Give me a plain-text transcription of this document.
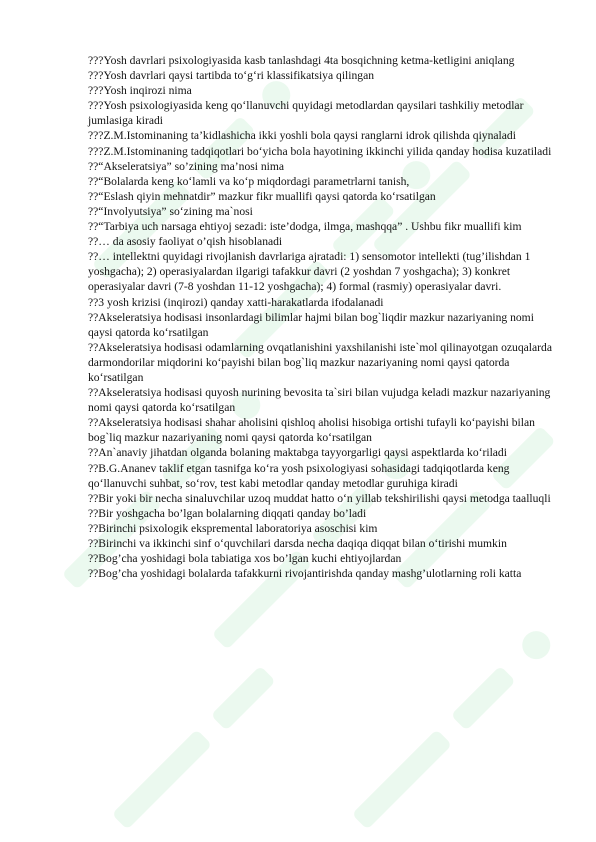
???Yosh davrlari psixologiyasida kasb tanlashdagi 4ta bosqichning ketma-ketligini aniqlang

???Yosh davrlari qaysi tartibda to‘g‘ri klassifikatsiya qilingan

???Yosh inqirozi nima

???Yosh psixologiyasida keng qo‘llanuvchi quyidagi metodlardan qaysilari tashkiliy metodlar jumlasiga kiradi

???Z.M.Istominaning ta’kidlashicha ikki yoshli bola qaysi ranglarni idrok qilishda qiynaladi

???Z.M.Istominaning tadqiqotlari bo‘yicha bola hayotining ikkinchi yilida qanday hodisa kuzatiladi

??“Akseleratsiya” so’zining ma’nosi nima

??“Bolalarda keng ko‘lamli va ko‘p miqdordagi parametrlarni tanish,

??“Eslash qiyin mehnatdir” mazkur fikr muallifi qaysi qatorda ko‘rsatilgan

??“Involyutsiya” so‘zining ma`nosi

??“Tarbiya uch narsaga ehtiyoj sezadi: iste’dodga, ilmga, mashqqa” . Ushbu fikr muallifi kim

??… da asosiy faoliyat o’qish hisoblanadi

??… intellektni quyidagi rivojlanish davrlariga ajratadi: 1) sensomotor intellekti (tug’ilishdan 1 yoshgacha); 2) operasiyalardan ilgarigi tafakkur davri (2 yoshdan 7 yoshgacha); 3) konkret operasiyalar davri (7-8 yoshdan 11-12 yoshgacha); 4) formal (rasmiy) operasiyalar davri.

??3 yosh krizisi (inqirozi) qanday xatti-harakatlarda ifodalanadi

??Akseleratsiya hodisasi insonlardagi bilimlar hajmi bilan bog`liqdir mazkur nazariyaning nomi qaysi qatorda ko‘rsatilgan

??Akseleratsiya hodisasi odamlarning ovqatlanishini yaxshilanishi iste`mol qilinayotgan ozuqalarda darmondorilar miqdorini ko‘payishi bilan bog`liq mazkur nazariyaning nomi qaysi qatorda ko‘rsatilgan

??Akseleratsiya hodisasi quyosh nurining bevosita ta`siri bilan vujudga keladi mazkur nazariyaning nomi qaysi qatorda ko‘rsatilgan

??Akseleratsiya hodisasi shahar aholisini qishloq aholisi hisobiga ortishi tufayli ko‘payishi bilan bog`liq mazkur nazariyaning nomi qaysi qatorda ko‘rsatilgan

??An`anaviy jihatdan olganda bolaning maktabga tayyorgarligi qaysi aspektlarda ko‘riladi

??B.G.Ananev taklif etgan tasnifga ko‘ra yosh psixologiyasi sohasidagi tadqiqotlarda keng qo‘llanuvchi suhbat, so‘rov, test kabi metodlar qanday metodlar guruhiga kiradi

??Bir yoki bir necha sinaluvchilar uzoq muddat hatto o‘n yillab tekshirilishi qaysi metodga taalluqli

??Bir yoshgacha bo’lgan bolalarning diqqati qanday bo’ladi

??Birinchi psixologik ekspremental laboratoriya asoschisi kim

??Birinchi va ikkinchi sinf o‘quvchilari darsda necha daqiqa diqqat bilan o‘tirishi mumkin

??Bog’cha yoshidagi bola tabiatiga xos bo’lgan kuchi ehtiyojlardan

??Bog’cha yoshidagi bolalarda tafakkurni rivojantirishda qanday mashg’ulotlarning roli katta
